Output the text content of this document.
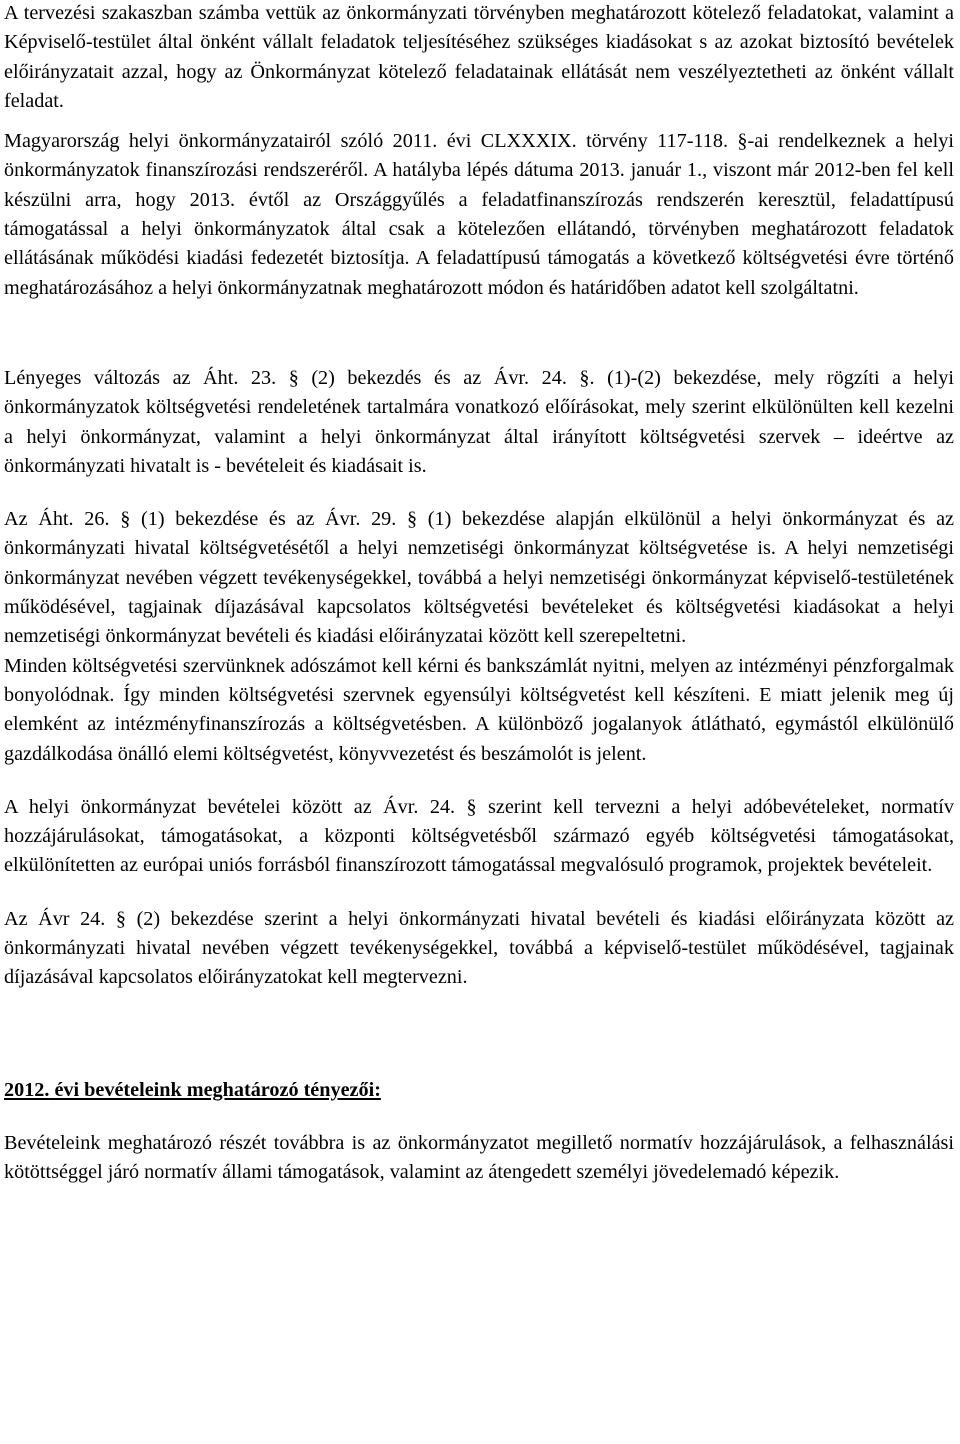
A tervezési szakaszban számba vettük az önkormányzati törvényben meghatározott kötelező feladatokat, valamint a Képviselő-testület által önként vállalt feladatok teljesítéséhez szükséges kiadásokat s az azokat biztosító bevételek előirányzatait azzal, hogy az Önkormányzat kötelező feladatainak ellátását nem veszélyeztetheti az önként vállalt feladat.

Magyarország helyi önkormányzatairól szóló 2011. évi CLXXXIX. törvény 117-118. §-ai rendelkeznek a helyi önkormányzatok finanszírozási rendszeréről. A hatályba lépés dátuma 2013. január 1., viszont már 2012-ben fel kell készülni arra, hogy 2013. évtől az Országgyűlés a feladatfinanszírozás rendszerén keresztül, feladattípusú támogatással a helyi önkormányzatok által csak a kötelezően ellátandó, törvényben meghatározott feladatok ellátásának működési kiadási fedezetét biztosítja. A feladattípusú támogatás a következő költségvetési évre történő meghatározásához a helyi önkormányzatnak meghatározott módon és határidőben adatot kell szolgáltatni.

Lényeges változás az Áht. 23. § (2) bekezdés és az Ávr. 24. §. (1)-(2) bekezdése, mely rögzíti a helyi önkormányzatok költségvetési rendeletének tartalmára vonatkozó előírásokat, mely szerint elkülönülten kell kezelni a helyi önkormányzat, valamint a helyi önkormányzat által irányított költségvetési szervek – ideértve az önkormányzati hivatalt is - bevételeit és kiadásait is.

Az Áht. 26. § (1) bekezdése és az Ávr. 29. § (1) bekezdése alapján elkülönül a helyi önkormányzat és az önkormányzati hivatal költségvetésétől a helyi nemzetiségi önkormányzat költségvetése is. A helyi nemzetiségi önkormányzat nevében végzett tevékenységekkel, továbbá a helyi nemzetiségi önkormányzat képviselő-testületének működésével, tagjainak díjazásával kapcsolatos költségvetési bevételeket és költségvetési kiadásokat a helyi nemzetiségi önkormányzat bevételi és kiadási előirányzatai között kell szerepeltetni.

Minden költségvetési szervünknek adószámot kell kérni és bankszámlát nyitni, melyen az intézményi pénzforgalmak bonyolódnak. Így minden költségvetési szervnek egyensúlyi költségvetést kell készíteni. E miatt jelenik meg új elemként az intézményfinanszírozás a költségvetésben. A különböző jogalanyok átlátható, egymástól elkülönülő gazdálkodása önálló elemi költségvetést, könyvvezetést és beszámolót is jelent.

A helyi önkormányzat bevételei között az Ávr. 24. § szerint kell tervezni a helyi adóbevételeket, normatív hozzájárulásokat, támogatásokat, a központi költségvetésből származó egyéb költségvetési támogatásokat, elkülönítetten az európai uniós forrásból finanszírozott támogatással megvalósuló programok, projektek bevételeit.

Az Ávr 24. § (2) bekezdése szerint a helyi önkormányzati hivatal bevételi és kiadási előirányzata között az önkormányzati hivatal nevében végzett tevékenységekkel, továbbá a képviselő-testület működésével, tagjainak díjazásával kapcsolatos előirányzatokat kell megtervezni.

2012. évi bevételeink meghatározó tényezői:

Bevételeink meghatározó részét továbbra is az önkormányzatot megillető normatív hozzájárulások, a felhasználási kötöttséggel járó normatív állami támogatások, valamint az átengedett személyi jövedelemadó képezik.
